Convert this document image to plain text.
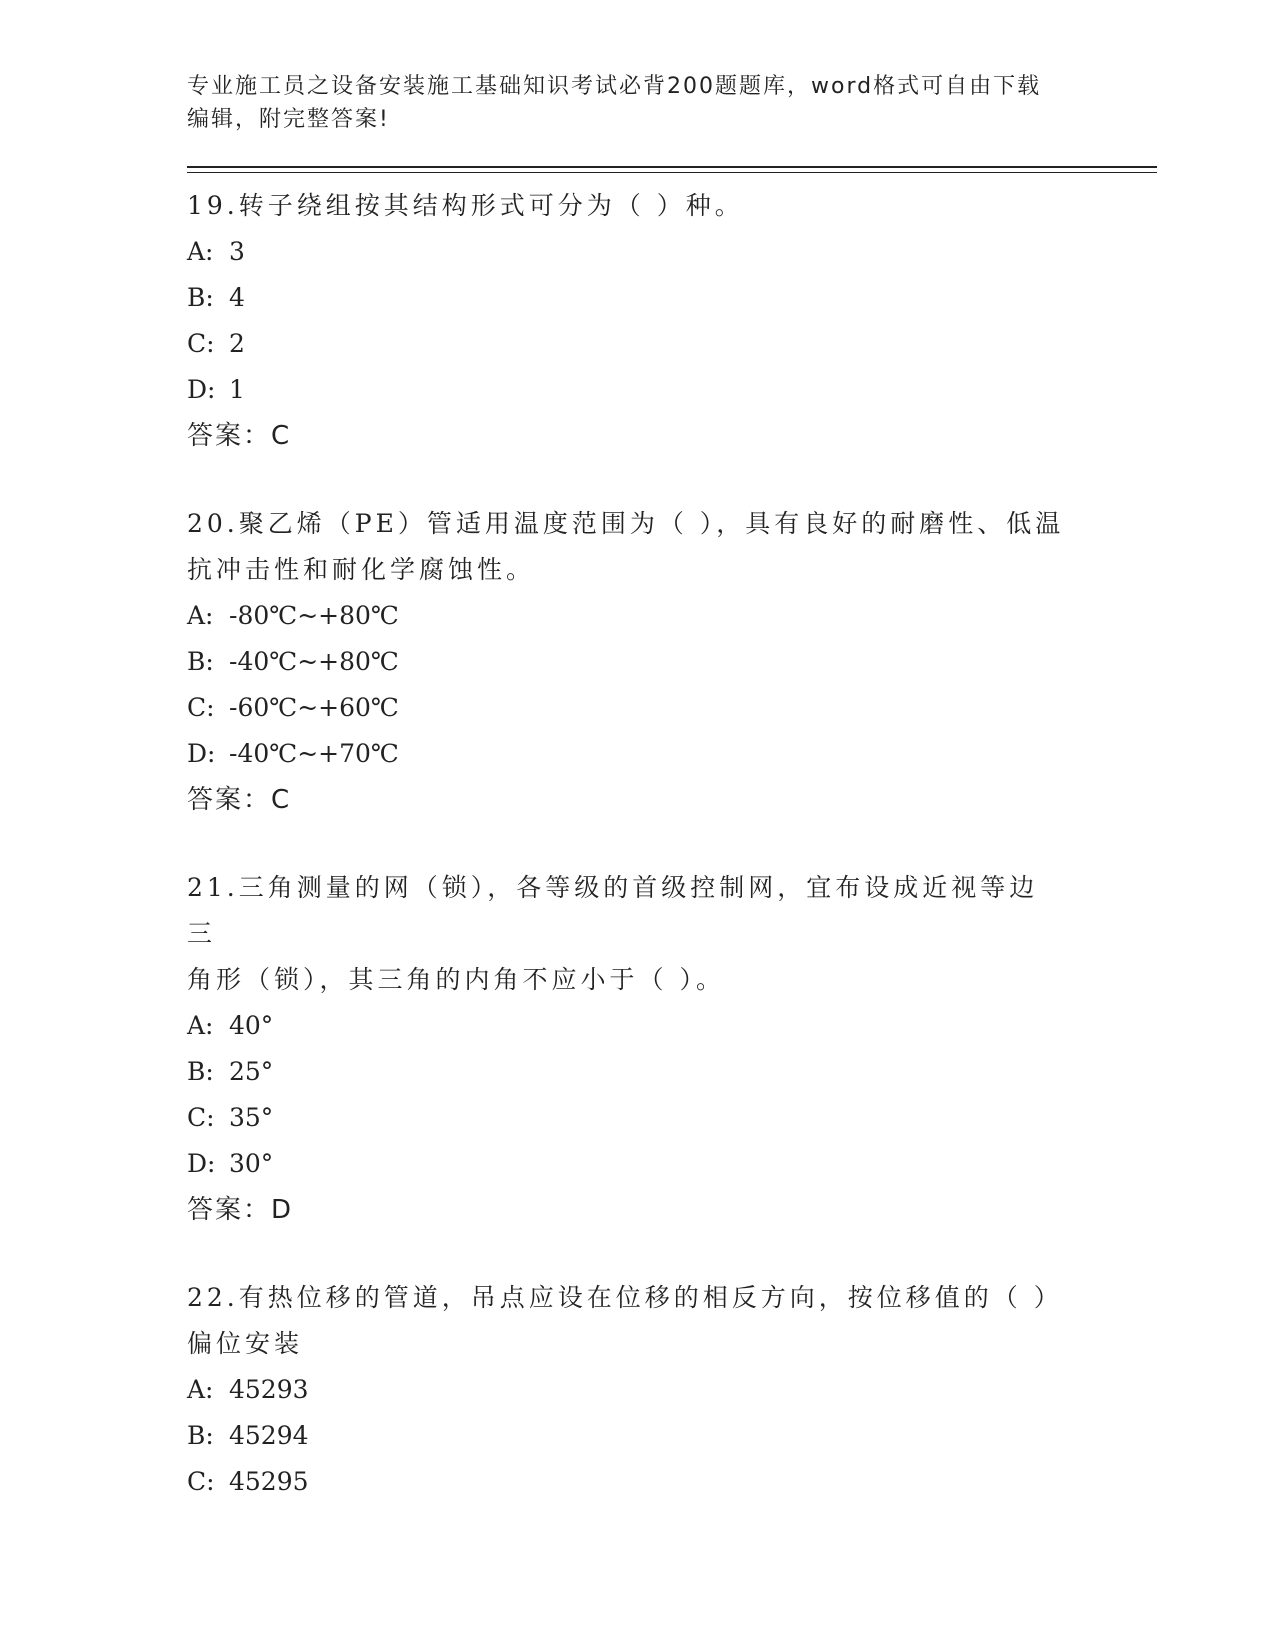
专业施工员之设备安装施工基础知识考试必背200题题库，word格式可自由下载
编辑，附完整答案!
19.转子绕组按其结构形式可分为（ ）种。
A: 3
B: 4
C: 2
D: 1
答案：C
20.聚乙烯（PE）管适用温度范围为（ ），具有良好的耐磨性、低温
抗冲击性和耐化学腐蚀性。
A: -80℃~+80℃
B: -40℃~+80℃
C: -60℃~+60℃
D: -40℃~+70℃
答案：C
21.三角测量的网（锁），各等级的首级控制网，宜布设成近视等边三
角形（锁），其三角的内角不应小于（ ）。
A: 40°
B: 25°
C: 35°
D: 30°
答案：D
22.有热位移的管道，吊点应设在位移的相反方向，按位移值的（ ）
偏位安装
A: 45293
B: 45294
C: 45295
